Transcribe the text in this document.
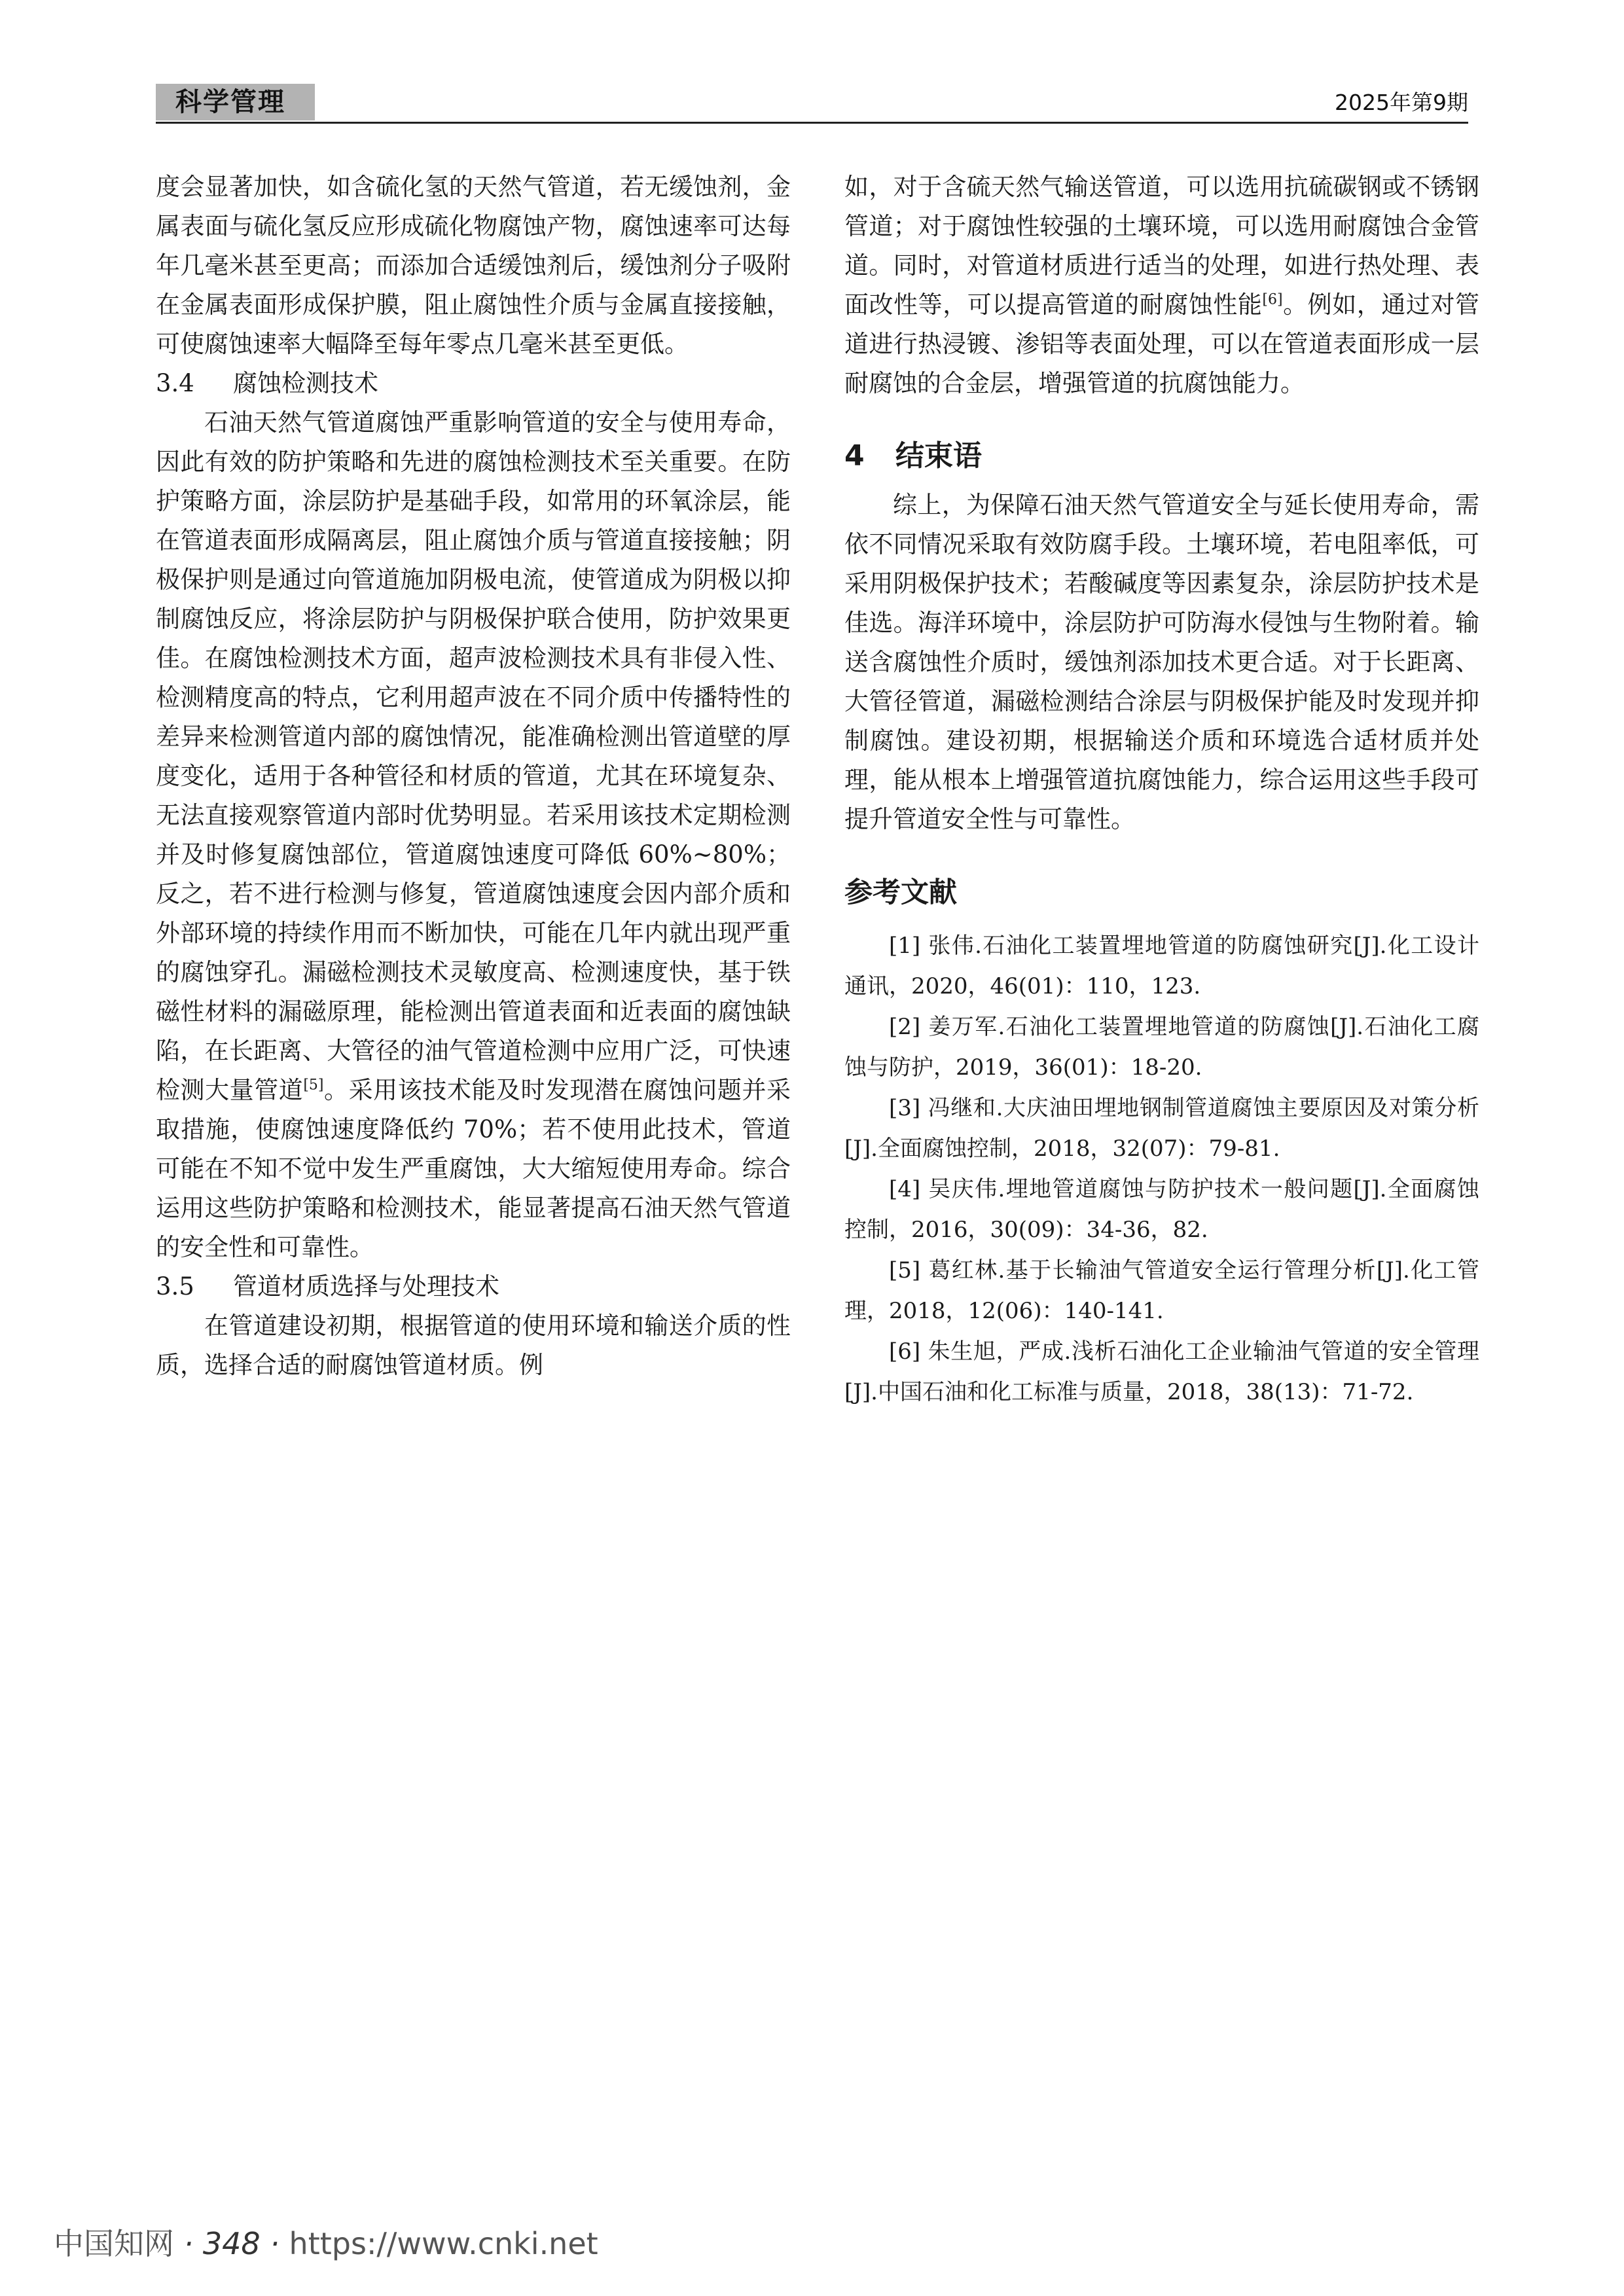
科学管理	2025年第9期

度会显著加快，如含硫化氢的天然气管道，若无缓蚀剂，金属表面与硫化氢反应形成硫化物腐蚀产物，腐蚀速率可达每年几毫米甚至更高；而添加合适缓蚀剂后，缓蚀剂分子吸附在金属表面形成保护膜，阻止腐蚀性介质与金属直接接触，可使腐蚀速率大幅降至每年零点几毫米甚至更低。

3.4 腐蚀检测技术

石油天然气管道腐蚀严重影响管道的安全与使用寿命，因此有效的防护策略和先进的腐蚀检测技术至关重要。在防护策略方面，涂层防护是基础手段，如常用的环氧涂层，能在管道表面形成隔离层，阻止腐蚀介质与管道直接接触；阴极保护则是通过向管道施加阴极电流，使管道成为阴极以抑制腐蚀反应，将涂层防护与阴极保护联合使用，防护效果更佳。在腐蚀检测技术方面，超声波检测技术具有非侵入性、检测精度高的特点，它利用超声波在不同介质中传播特性的差异来检测管道内部的腐蚀情况，能准确检测出管道壁的厚度变化，适用于各种管径和材质的管道，尤其在环境复杂、无法直接观察管道内部时优势明显。若采用该技术定期检测并及时修复腐蚀部位，管道腐蚀速度可降低 60%~80%；反之，若不进行检测与修复，管道腐蚀速度会因内部介质和外部环境的持续作用而不断加快，可能在几年内就出现严重的腐蚀穿孔。漏磁检测技术灵敏度高、检测速度快，基于铁磁性材料的漏磁原理，能检测出管道表面和近表面的腐蚀缺陷，在长距离、大管径的油气管道检测中应用广泛，可快速检测大量管道[5]。采用该技术能及时发现潜在腐蚀问题并采取措施，使腐蚀速度降低约 70%；若不使用此技术，管道可能在不知不觉中发生严重腐蚀，大大缩短使用寿命。综合运用这些防护策略和检测技术，能显著提高石油天然气管道的安全性和可靠性。

3.5 管道材质选择与处理技术

在管道建设初期，根据管道的使用环境和输送介质的性质，选择合适的耐腐蚀管道材质。例

如，对于含硫天然气输送管道，可以选用抗硫碳钢或不锈钢管道；对于腐蚀性较强的土壤环境，可以选用耐腐蚀合金管道。同时，对管道材质进行适当的处理，如进行热处理、表面改性等，可以提高管道的耐腐蚀性能[6]。例如，通过对管道进行热浸镀、渗铝等表面处理，可以在管道表面形成一层耐腐蚀的合金层，增强管道的抗腐蚀能力。

4 结束语

综上，为保障石油天然气管道安全与延长使用寿命，需依不同情况采取有效防腐手段。土壤环境，若电阻率低，可采用阴极保护技术；若酸碱度等因素复杂，涂层防护技术是佳选。海洋环境中，涂层防护可防海水侵蚀与生物附着。输送含腐蚀性介质时，缓蚀剂添加技术更合适。对于长距离、大管径管道，漏磁检测结合涂层与阴极保护能及时发现并抑制腐蚀。建设初期，根据输送介质和环境选合适材质并处理，能从根本上增强管道抗腐蚀能力，综合运用这些手段可提升管道安全性与可靠性。

参考文献

[1] 张伟.石油化工装置埋地管道的防腐蚀研究[J].化工设计通讯，2020，46(01)：110，123.

[2] 姜万军.石油化工装置埋地管道的防腐蚀[J].石油化工腐蚀与防护，2019，36(01)：18-20.

[3] 冯继和.大庆油田埋地钢制管道腐蚀主要原因及对策分析[J].全面腐蚀控制，2018，32(07)：79-81.

[4] 吴庆伟.埋地管道腐蚀与防护技术一般问题[J].全面腐蚀控制，2016，30(09)：34-36，82.

[5] 葛红林.基于长输油气管道安全运行管理分析[J].化工管理，2018，12(06)：140-141.

[6] 朱生旭，严成.浅析石油化工企业输油气管道的安全管理[J].中国石油和化工标准与质量，2018，38(13)：71-72.

中国知网 · 348 · https://www.cnki.net
